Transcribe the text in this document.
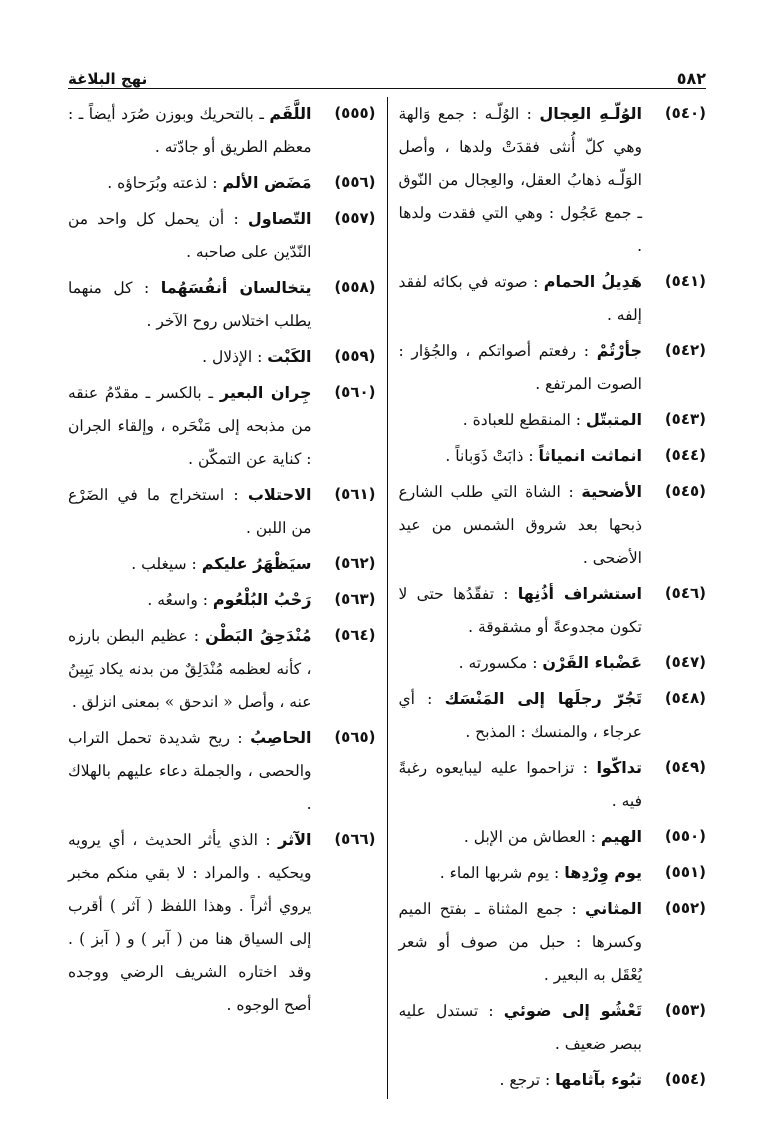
٥٨٢
نهج البلاغة
(٥٤٠)
الوُلّـهِ العِجال : الوُلّـه : جمع وَالهة وهي كلّ أُنثى فقدَتْ ولدها ، وأصل الوَلّـه ذهابُ العقل، والعِجال من النّوق ـ جمع عَجُول : وهي التي فقدت ولدها .
(٥٤١)
هَدِيلُ الحمام : صوته في بكائه لفقد إلفه .
(٥٤٢)
جأرْتُمْ : رفعتم أصواتكم ، والجُؤار : الصوت المرتفع .
(٥٤٣)
المتبتّل : المنقطع للعبادة .
(٥٤٤)
انماثت انمياثاً : ذابَتْ ذَوَباناً .
(٥٤٥)
الأضحية : الشاة التي طلب الشارع ذبحها بعد شروق الشمس من عيد الأضحى .
(٥٤٦)
استشراف أذُنِها : تفقّدُها حتى لا تكون مجدوعةً أو مشقوقة .
(٥٤٧)
عَضْباء القَرْن : مكسورته .
(٥٤٨)
تَجُرّ رجلَها إلى المَنْسَك : أي عرجاء ، والمنسك : المذبح .
(٥٤٩)
تداكّوا : تزاحموا عليه ليبايعوه رغبةً فيه .
(٥٥٠)
الهيم : العطاش من الإبل .
(٥٥١)
يوم وِرْدِها : يوم شربها الماء .
(٥٥٢)
المثاني : جمع المثناة ـ بفتح الميم وكسرها : حبل من صوف أو شعر يُعْقَل به البعير .
(٥٥٣)
تَعْشُو إلى ضوئي : تستدل عليه ببصر ضعيف .
(٥٥٤)
تبُوء بآثامها : ترجع .
(٥٥٥)
اللَّقَم ـ بالتحريك وبوزن صُرَد أيضاً ـ : معظم الطريق أو جادّته .
(٥٥٦)
مَضَض الألم : لذعته وبُرَحاؤه .
(٥٥٧)
التّصاول : أن يحمل كل واحد من النّدّين على صاحبه .
(٥٥٨)
يتخالسان أنفُسَهُما : كل منهما يطلب اختلاس روح الآخر .
(٥٥٩)
الكَبْت : الإذلال .
(٥٦٠)
جِران البعير ـ بالكسر ـ مقدّمُ عنقه من مذبحه إلى مَنْحَره ، وإلقاء الجران : كناية عن التمكّن .
(٥٦١)
الاحتلاب : استخراج ما في الضَرْع من اللبن .
(٥٦٢)
سيَظْهَرُ عليكم : سيغلب .
(٥٦٣)
رَحْبُ البُلْعُوم : واسعُه .
(٥٦٤)
مُنْدَحِقُ البَطْن : عظيم البطن بارزه ، كأنه لعظمه مُنْدَلِقٌ من بدنه يكاد يَبِينُ عنه ، وأصل « اندحق » بمعنى انزلق .
(٥٦٥)
الحاصِبُ : ريح شديدة تحمل التراب والحصى ، والجملة دعاء عليهم بالهلاك .
(٥٦٦)
الآثر : الذي يأثر الحديث ، أي يرويه ويحكيه . والمراد : لا بقي منكم مخبر يروي أثراً . وهذا اللفظ ( آثر ) أقرب إلى السياق هنا من ( آبر ) و ( آبز ) . وقد اختاره الشريف الرضي ووجده أصح الوجوه .
